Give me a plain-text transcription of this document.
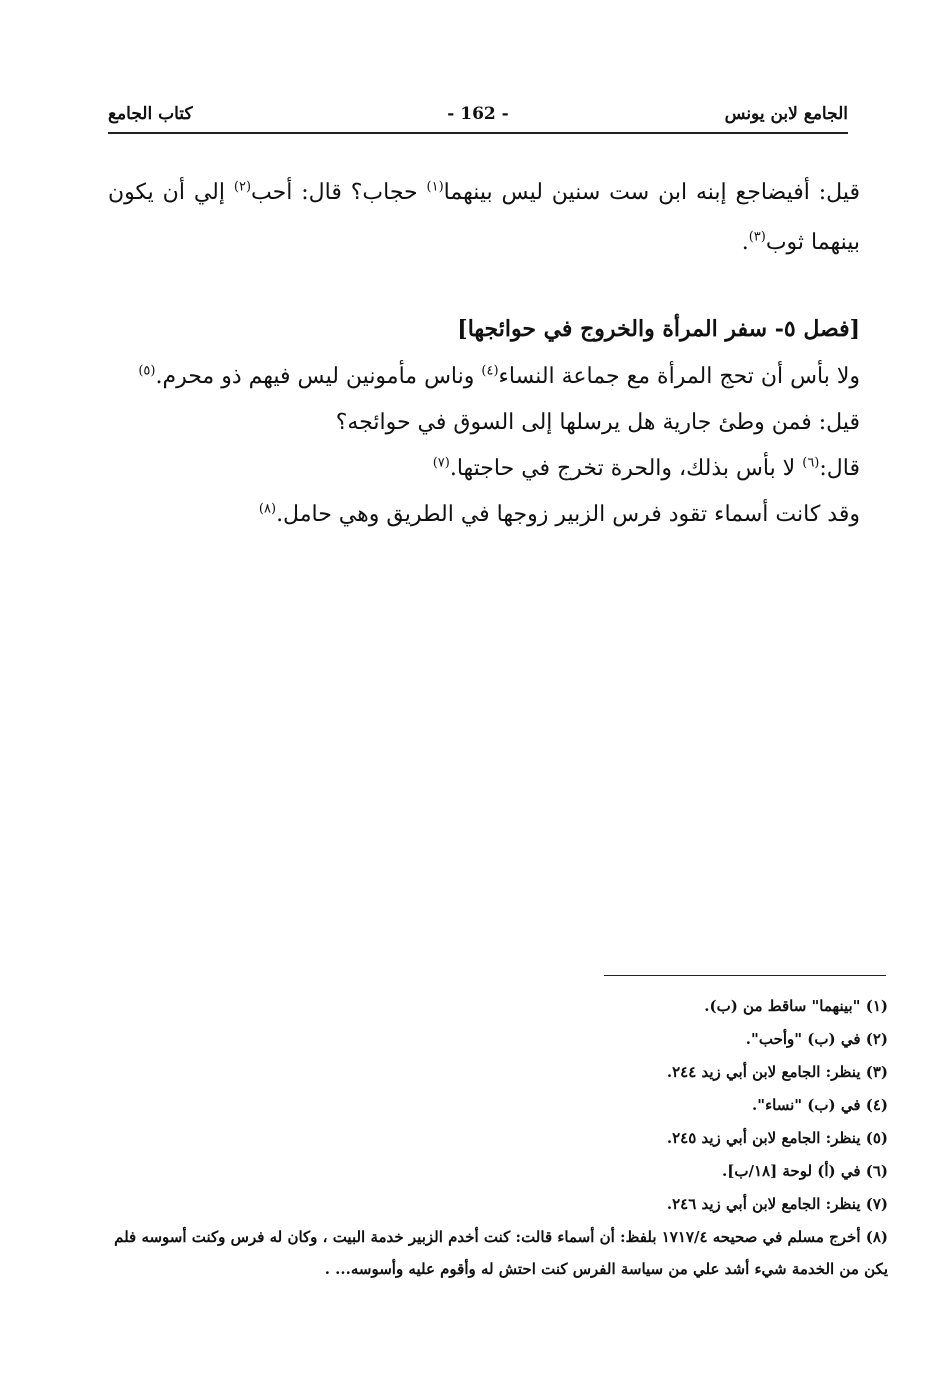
الجامع لابن يونس
- 162 -
كتاب الجامع

قيل: أفيضاجع إبنه ابن ست سنين ليس بينهما$^{(١)}$ حجاب؟ قال: أحب$^{(٢)}$ إلي أن يكون بينهما ثوب$^{(٣)}$.

[فصل ٥- سفر المرأة والخروج في حوائجها]

ولا بأس أن تحج المرأة مع جماعة النساء$^{(٤)}$ وناس مأمونين ليس فيهم ذو محرم.$^{(٥)}$

قيل: فمن وطئ جارية هل يرسلها إلى السوق في حوائجه؟

قال:$^{(٦)}$ لا بأس بذلك، والحرة تخرج في حاجتها.$^{(٧)}$

وقد كانت أسماء تقود فرس الزبير زوجها في الطريق وهي حامل.$^{(٨)}$

(١) "بينهما" ساقط من (ب).

(٢) في (ب) "وأحب".

(٣) ينظر: الجامع لابن أبي زيد ٢٤٤.

(٤) في (ب) "نساء".

(٥) ينظر: الجامع لابن أبي زيد ٢٤٥.

(٦) في (أ) لوحة [١٨/ب].

(٧) ينظر: الجامع لابن أبي زيد ٢٤٦.

(٨) أخرج مسلم في صحيحه ١٧١٧/٤ بلفظ: أن أسماء قالت: كنت أخدم الزبير خدمة البيت ، وكان له فرس وكنت أسوسه فلم يكن من الخدمة شيء أشد علي من سياسة الفرس كنت احتش له وأقوم عليه وأسوسه... .
